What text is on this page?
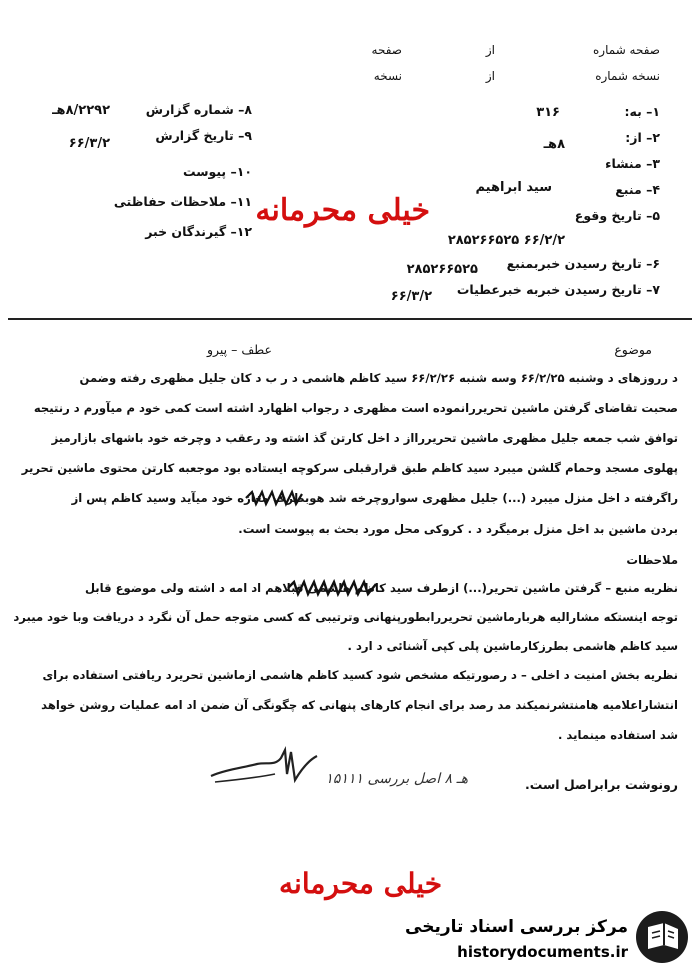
صفحه شماره
از
صفحه
نسخه شماره
از
نسخه
۱– به:
۳۱۶
۲– از:
۸هـ
۳– منشاء
۴– منبع
سید ابراهیم
۵– تاریخ وقوع
۶۶/۲/۲ ۲۸۵۲۶۶۵۲۵
۶– تاریخ رسیدن خبربمنبع
۲۸۵۲۶۶۵۲۵
۷– تاریخ رسیدن خبربه خبرعطیات
۶۶/۳/۲
۸– شماره گزارش
۸/۲۲۹۲هـ
۹– تاریخ گزارش
۶۶/۳/۲
۱۰– پیوست
۱۱– ملاحظات حفاظتی
۱۲– گیرندگان خبر
خیلی محرمانه
موضوع
عطف – پیرو
د رروزهای د وشنبه ۶۶/۲/۲۵ وسه شنبه ۶۶/۲/۲۶ سید کاظم هاشمی د ر ب د کان جلیل مظهری رفته وضمن
صحبت تقاضای گرفتن ماشین تحریررانموده است مظهری د رجواب اظهارد اشته است کمی خود م میآورم د رنتیجه
توافق شب جمعه جلیل مظهری ماشین تحریررااز د اخل کارتن گذ اشته ود رعقب د وچرخه خود باشهای بازارمیز
پهلوی مسجد وحمام گلشن میبرد سید کاظم طبق قرارقبلی سرکوچه ایستاده بود موجعبه کارتن محتوی ماشین تحریر
راگرفته د اخل منزل میبرد (...) جلیل مظهری سواروچرخه شد هوبطرف مغازه خود میآید وسید کاظم پس از
بردن ماشین بد اخل منزل برمیگرد د . کروکی محل مورد بحث به پیوست است.
ملاحظات
نظریه منبع – گرفتن ماشین تحریر(...) ازطرف سید کاظم هاشمی قبلاهم اد امه د اشته ولی موضوع قابل
توجه اینستکه مشارالیه هربارماشین تحریررابطورپنهانی وترتیبی که کسی متوجه حمل آن نگرد د دریافت وبا خود میبرد
سید کاظم هاشمی بطرزکارماشین پلی کپی آشنائی د ارد .
نظریه بخش امنیت د اخلی – د رصورتیکه مشخص شود کسید کاظم هاشمی ازماشین تحریرد ریافتی استفاده برای
انتشاراعلامیه هامنتشرنمیکند مد رصد برای انجام کارهای پنهانی که چگونگی آن ضمن اد امه عملیات روشن خواهد
شد استفاده مینماید .
هـ ۸ اصل بررسی ۱۵۱۱۱	رونوشت برابراصل است.
خیلی محرمانه
مرکز بررسی اسناد تاریخی
historydocuments.ir
